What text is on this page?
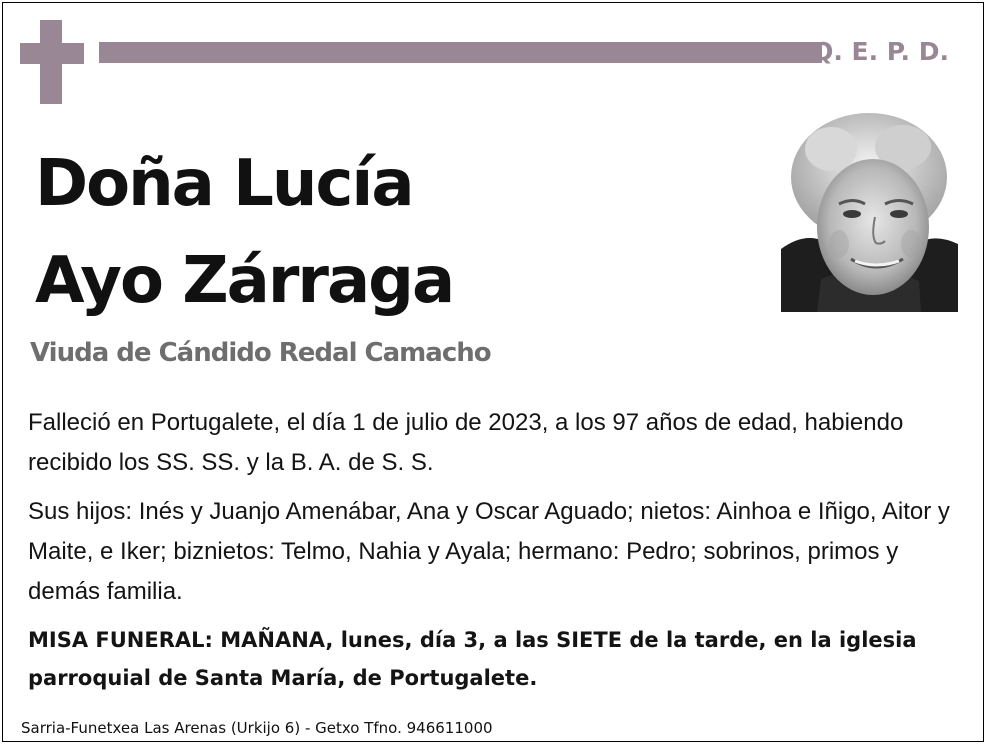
Q. E. P. D.
Doña Lucía
Ayo Zárraga
Viuda de Cándido Redal Camacho
Falleció en Portugalete, el día 1 de julio de 2023, a los 97 años de edad, habiendo recibido los SS. SS. y la B. A. de S. S.
Sus hijos: Inés y Juanjo Amenábar, Ana y Oscar Aguado; nietos: Ainhoa e Iñigo, Aitor y Maite, e Iker; biznietos: Telmo, Nahia y Ayala; hermano: Pedro; sobrinos, primos y demás familia.
MISA FUNERAL: MAÑANA, lunes, día 3, a las SIETE de la tarde, en la iglesia parroquial de Santa María, de Portugalete.
Sarria-Funetxea Las Arenas (Urkijo 6) - Getxo Tfno. 946611000
